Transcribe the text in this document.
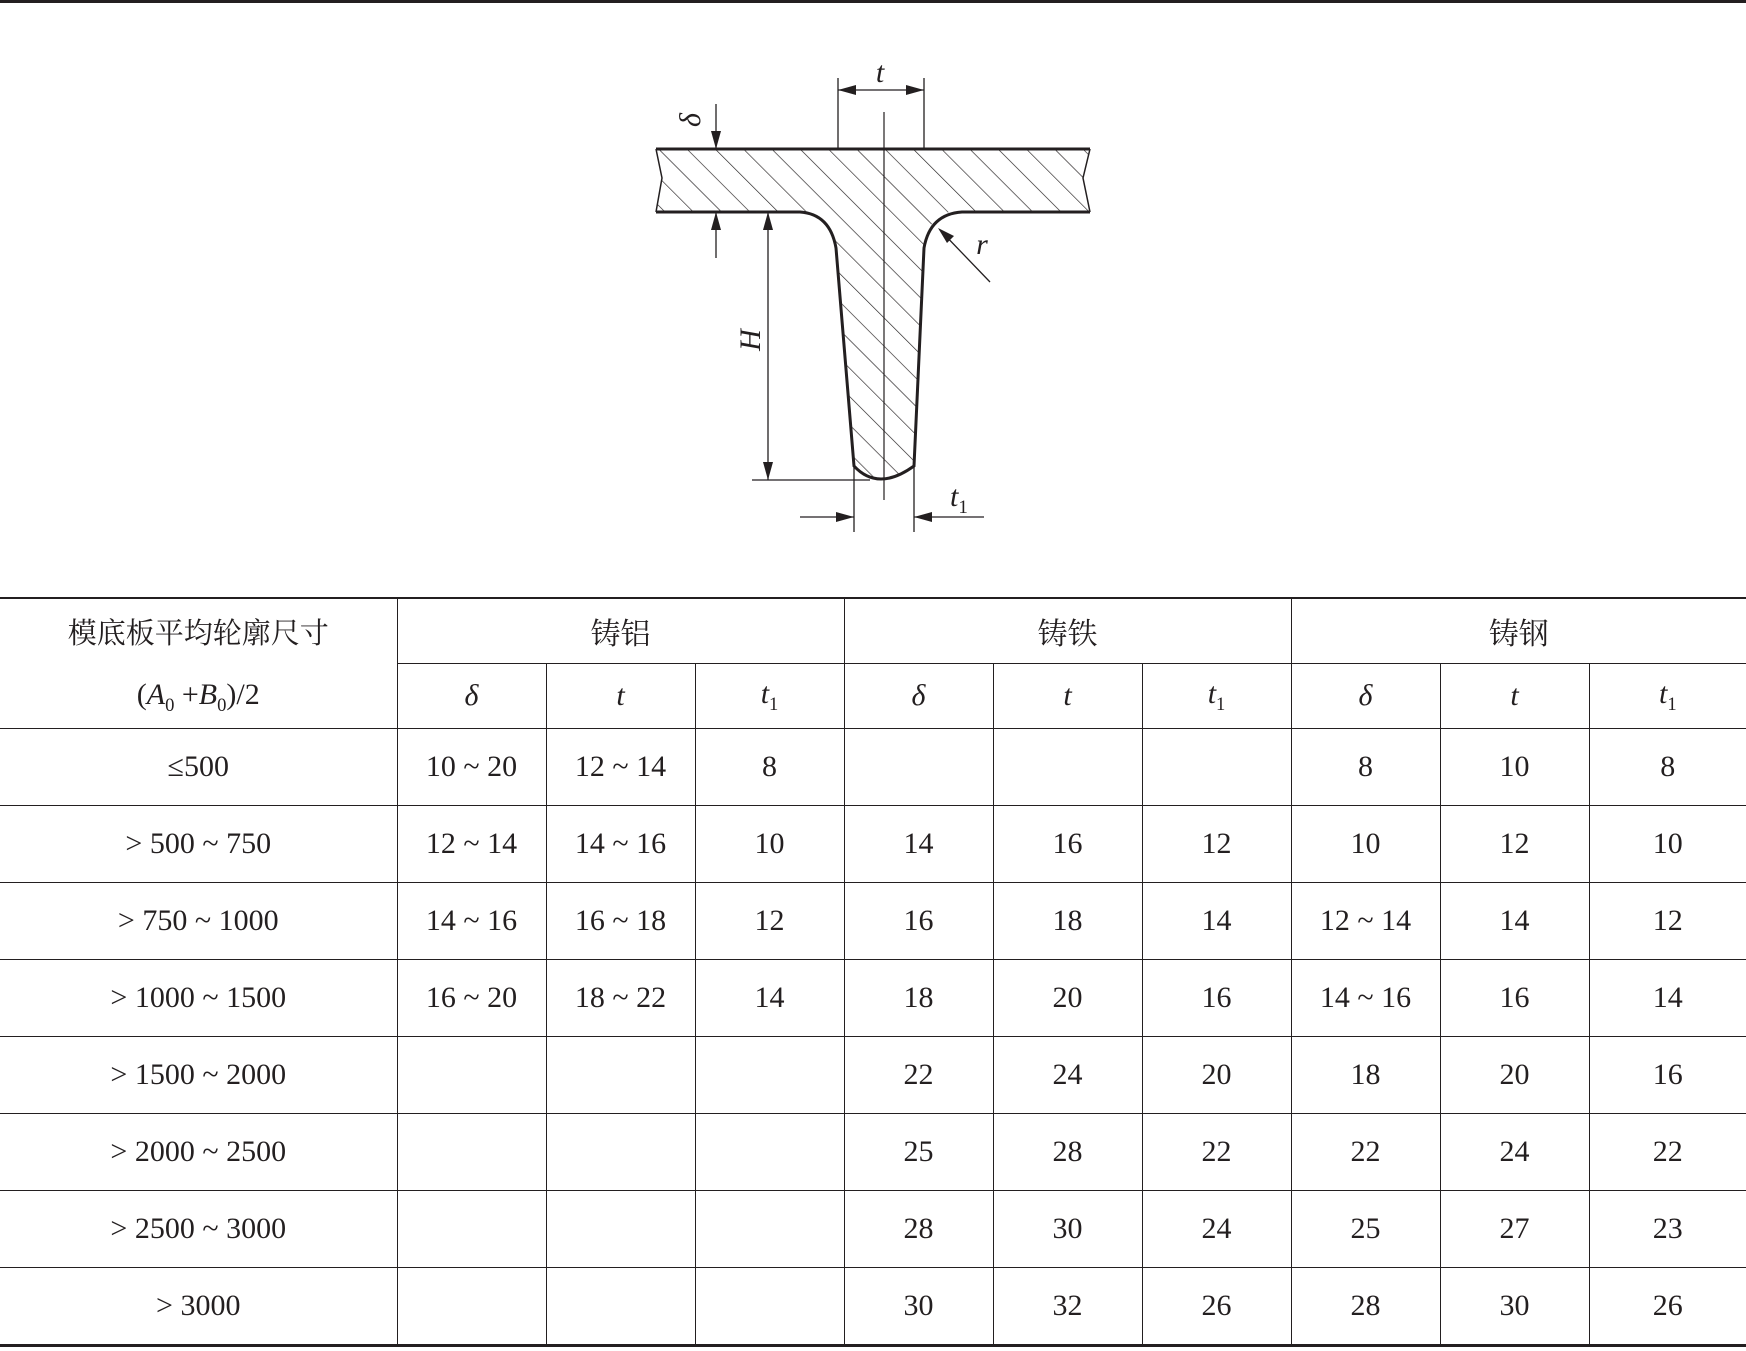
t
δ
r
H
$t_1$
模底板平均轮廓尺寸
$(A_0 +B_0)/2$	铸铝			铸铁			铸钢		
	δ	t	$t_1$	δ	t	$t_1$	δ	t	$t_1$
≤500	10 ~ 20	12 ~ 14	8				8	10	8
> 500 ~ 750	12 ~ 14	14 ~ 16	10	14	16	12	10	12	10
> 750 ~ 1000	14 ~ 16	16 ~ 18	12	16	18	14	12 ~ 14	14	12
> 1000 ~ 1500	16 ~ 20	18 ~ 22	14	18	20	16	14 ~ 16	16	14
> 1500 ~ 2000				22	24	20	18	20	16
> 2000 ~ 2500				25	28	22	22	24	22
> 2500 ~ 3000				28	30	24	25	27	23
> 3000				30	32	26	28	30	26
